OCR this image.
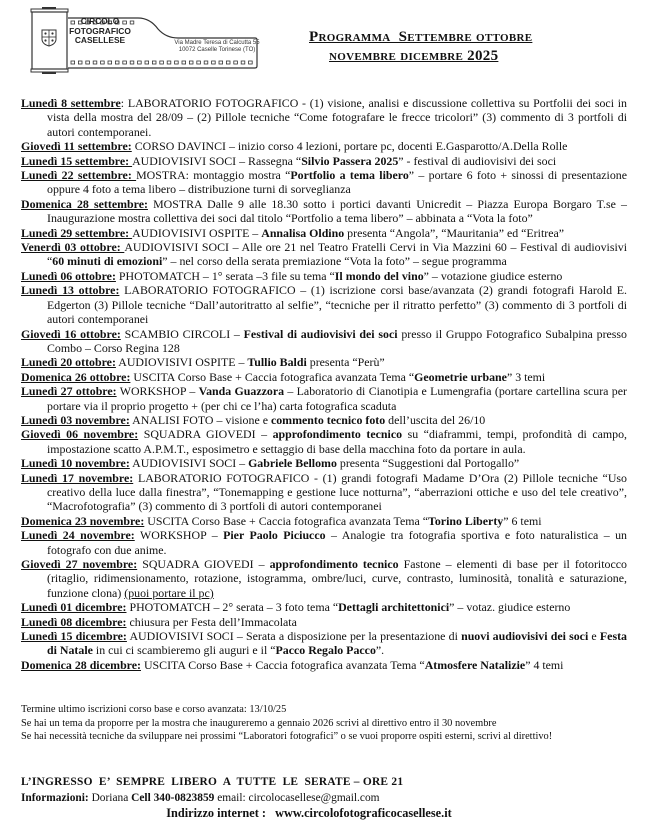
CIRCOLO
FOTOGRAFICO
CASELLESE	Via Madre Teresa di Calcutta 55
10072 Caselle Torinese (TO)
Programma  Settembre ottobre
novembre dicembre 2025

Lunedì 8 settembre: LABORATORIO FOTOGRAFICO - (1) visione, analisi e discussione collettiva su Portfolii dei soci in vista della mostra del 28/09 – (2) Pillole tecniche “Come fotografare le frecce tricolori” (3) commento di 3 portfoli di autori contemporanei.

Giovedì 11 settembre: CORSO DAVINCI – inizio corso 4 lezioni, portare pc, docenti E.Gasparotto/A.Della Rolle

Lunedì 15 settembre: AUDIOVISIVI SOCI – Rassegna “Silvio Passera 2025” - festival di audiovisivi dei soci

Lunedì 22 settembre: MOSTRA: montaggio mostra “Portfolio a tema libero” – portare 6 foto + sinossi di presentazione oppure 4 foto a tema libero – distribuzione turni di sorveglianza

Domenica 28 settembre: MOSTRA Dalle 9 alle 18.30 sotto i portici davanti Unicredit – Piazza Europa Borgaro T.se – Inaugurazione mostra collettiva dei soci dal titolo “Portfolio a tema libero” – abbinata a “Vota la foto”

Lunedì 29 settembre: AUDIOVISIVI OSPITE – Annalisa Oldino presenta “Angola”, “Mauritania” ed “Eritrea”

Venerdì 03 ottobre: AUDIOVISIVI SOCI – Alle ore 21 nel Teatro Fratelli Cervi in Via Mazzini 60 – Festival di audiovisivi “60 minuti di emozioni” – nel corso della serata premiazione “Vota la foto” – segue programma

Lunedì 06 ottobre: PHOTOMATCH – 1° serata –3 file su tema “Il mondo del vino” – votazione giudice esterno

Lunedì 13 ottobre: LABORATORIO FOTOGRAFICO – (1) iscrizione corsi base/avanzata (2) grandi fotografi Harold E. Edgerton (3) Pillole tecniche “Dall’autoritratto al selfie”, “tecniche per il ritratto perfetto” (3) commento di 3 portfoli di autori contemporanei

Giovedì 16 ottobre: SCAMBIO CIRCOLI – Festival di audiovisivi dei soci presso il Gruppo Fotografico Subalpina presso Combo – Corso Regina 128

Lunedì 20 ottobre: AUDIOVISIVI OSPITE – Tullio Baldi presenta “Perù”

Domenica 26 ottobre: USCITA Corso Base + Caccia fotografica avanzata Tema “Geometrie urbane” 3 temi

Lunedì 27 ottobre: WORKSHOP – Vanda Guazzora – Laboratorio di Cianotipia e Lumengrafia (portare cartellina scura per portare via il proprio progetto + (per chi ce l’ha) carta fotografica scaduta

Lunedì 03 novembre: ANALISI FOTO – visione e commento tecnico foto dell’uscita del 26/10

Giovedì 06 novembre: SQUADRA GIOVEDI – approfondimento tecnico su “diaframmi, tempi, profondità di campo, impostazione scatto A.P.M.T., esposimetro e settaggio di base della macchina foto da portare in aula.

Lunedì 10 novembre: AUDIOVISIVI SOCI – Gabriele Bellomo presenta “Suggestioni dal Portogallo”

Lunedì 17 novembre: LABORATORIO FOTOGRAFICO - (1) grandi fotografi Madame D’Ora (2) Pillole tecniche “Uso creativo della luce dalla finestra”, “Tonemapping e gestione luce notturna”, “aberrazioni ottiche e uso del tele creativo”, “Macrofotografia” (3) commento di 3 portfoli di autori contemporanei

Domenica 23 novembre: USCITA Corso Base + Caccia fotografica avanzata Tema “Torino Liberty” 6 temi

Lunedì 24 novembre: WORKSHOP – Pier Paolo Piciucco – Analogie tra fotografia sportiva e foto naturalistica – un fotografo con due anime.

Giovedì 27 novembre: SQUADRA GIOVEDI – approfondimento tecnico Fastone – elementi di base per il fotoritocco (ritaglio, ridimensionamento, rotazione, istogramma, ombre/luci, curve, contrasto, luminosità, tonalità e saturazione, funzione clona) (puoi portare il pc)

Lunedì 01 dicembre: PHOTOMATCH – 2° serata – 3 foto tema “Dettagli architettonici” – votaz. giudice esterno

Lunedì 08 dicembre: chiusura per Festa dell’Immacolata

Lunedì 15 dicembre: AUDIOVISIVI SOCI – Serata a disposizione per la presentazione di nuovi audiovisivi dei soci e Festa di Natale in cui ci scambieremo gli auguri e il “Pacco Regalo Pacco”.

Domenica 28 dicembre: USCITA Corso Base + Caccia fotografica avanzata Tema “Atmosfere Natalizie” 4 temi

Termine ultimo iscrizioni corso base e corso avanzata: 13/10/25
Se hai un tema da proporre per la mostra che inaugureremo a gennaio 2026 scrivi al direttivo entro il 30 novembre
Se hai necessità tecniche da sviluppare nei prossimi “Laboratori fotografici” o se vuoi proporre ospiti esterni, scrivi al direttivo!
L’INGRESSO  E’  SEMPRE  LIBERO  A  TUTTE  LE  SERATE – ORE 21
Informazioni: Doriana Cell 340-0823859 email: circolocasellese@gmail.com
Indirizzo internet : www.circolofotograficocasellese.it
